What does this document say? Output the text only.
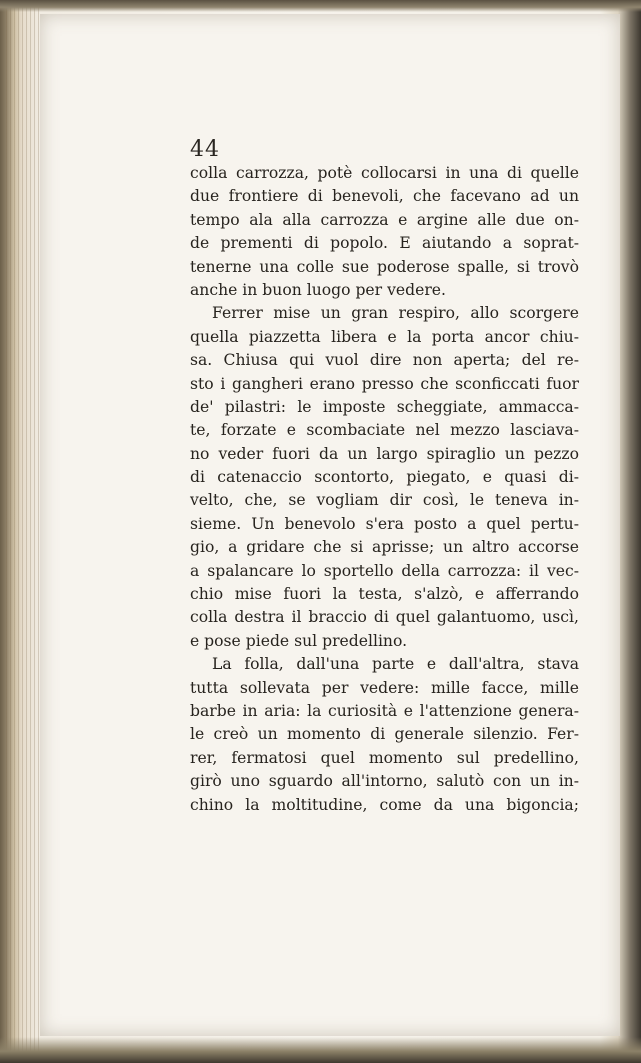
44
colla carrozza, potè collocarsi in una di quelle
due frontiere di benevoli, che facevano ad un
tempo ala alla carrozza e argine alle due on-
de prementi di popolo. E aiutando a soprat-
tenerne una colle sue poderose spalle, si trovò
anche in buon luogo per vedere.
Ferrer mise un gran respiro, allo scorgere
quella piazzetta libera e la porta ancor chiu-
sa. Chiusa qui vuol dire non aperta; del re-
sto i gangheri erano presso che sconficcati fuor
de' pilastri: le imposte scheggiate, ammacca-
te, forzate e scombaciate nel mezzo lasciava-
no veder fuori da un largo spiraglio un pezzo
di catenaccio scontorto, piegato, e quasi di-
velto, che, se vogliam dir così, le teneva in-
sieme. Un benevolo s'era posto a quel pertu-
gio, a gridare che si aprisse; un altro accorse
a spalancare lo sportello della carrozza: il vec-
chio mise fuori la testa, s'alzò, e afferrando
colla destra il braccio di quel galantuomo, uscì,
e pose piede sul predellino.
La folla, dall'una parte e dall'altra, stava
tutta sollevata per vedere: mille facce, mille
barbe in aria: la curiosità e l'attenzione genera-
le creò un momento di generale silenzio. Fer-
rer, fermatosi quel momento sul predellino,
girò uno sguardo all'intorno, salutò con un in-
chino la moltitudine, come da una bigoncia;
